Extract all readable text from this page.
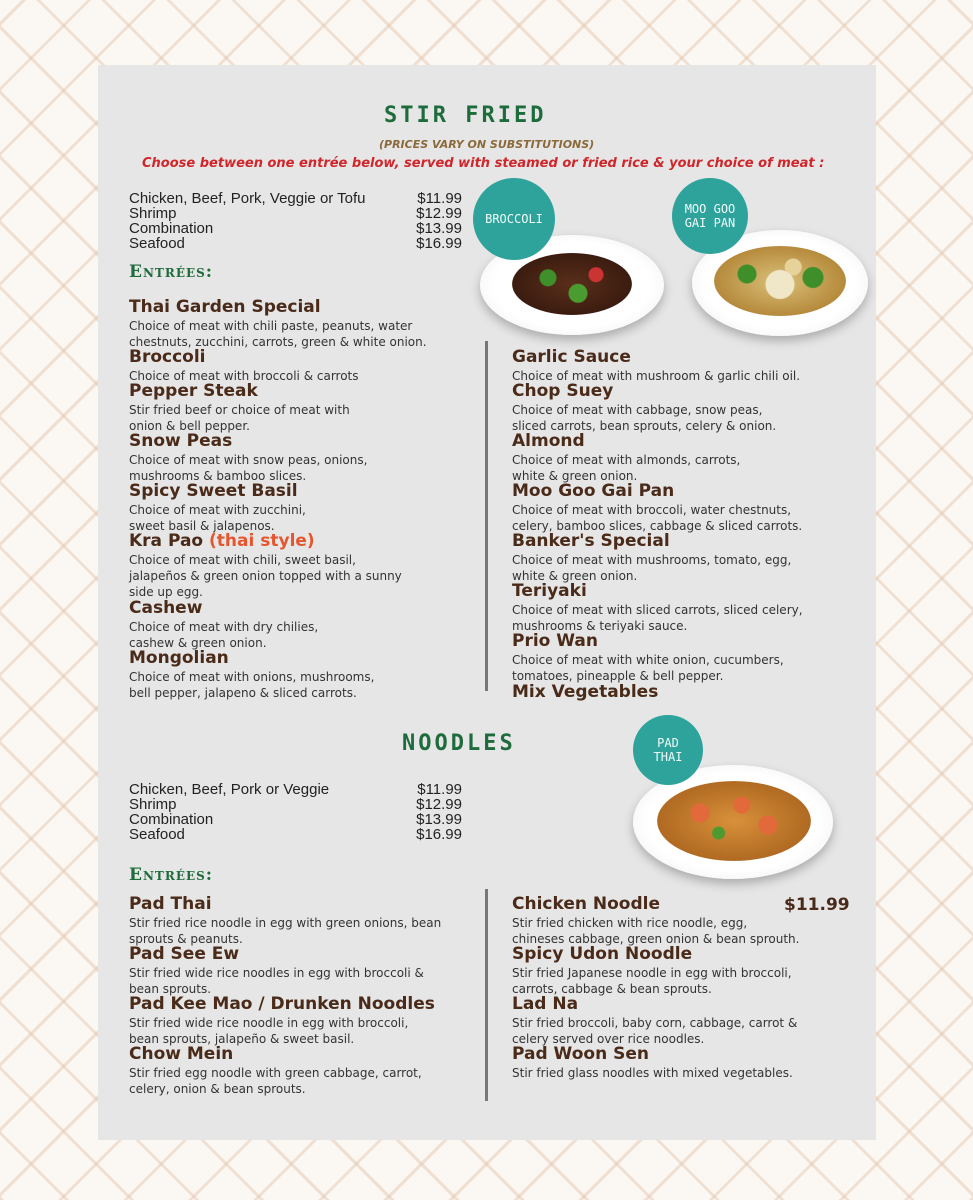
STIR FRIED
(PRICES VARY ON SUBSTITUTIONS)
Choose between one entrée below, served with steamed or fried rice & your choice of meat :
Chicken, Beef, Pork, Veggie or Tofu	$11.99
Shrimp	$12.99
Combination	$13.99
Seafood	$16.99
Entrées:
BROCCOLI
MOO GOO
GAI PAN
Thai Garden Special
Choice of meat with chili paste, peanuts, water
chestnuts, zucchini, carrots, green & white onion.
Broccoli
Choice of meat with broccoli & carrots
Pepper Steak
Stir fried beef or choice of meat with
onion & bell pepper.
Snow Peas
Choice of meat with snow peas, onions,
mushrooms & bamboo slices.
Spicy Sweet Basil
Choice of meat with zucchini,
sweet basil & jalapenos.
Kra Pao (thai style)
Choice of meat with chili, sweet basil,
jalapeños & green onion topped with a sunny
side up egg.
Cashew
Choice of meat with dry chilies,
cashew & green onion.
Mongolian
Choice of meat with onions, mushrooms,
bell pepper, jalapeno & sliced carrots.
Garlic Sauce
Choice of meat with mushroom & garlic chili oil.
Chop Suey
Choice of meat with cabbage, snow peas,
sliced carrots, bean sprouts, celery & onion.
Almond
Choice of meat with almonds, carrots,
white & green onion.
Moo Goo Gai Pan
Choice of meat with broccoli, water chestnuts,
celery, bamboo slices, cabbage & sliced carrots.
Banker's Special
Choice of meat with mushrooms, tomato, egg,
white & green onion.
Teriyaki
Choice of meat with sliced carrots, sliced celery,
mushrooms & teriyaki sauce.
Prio Wan
Choice of meat with white onion, cucumbers,
tomatoes, pineapple & bell pepper.
Mix Vegetables
NOODLES
Chicken, Beef, Pork or Veggie	$11.99
Shrimp	$12.99
Combination	$13.99
Seafood	$16.99
Entrées:
PAD
THAI
Pad Thai
Stir fried rice noodle in egg with green onions, bean
sprouts & peanuts.
Pad See Ew
Stir fried wide rice noodles in egg with broccoli &
bean sprouts.
Pad Kee Mao / Drunken Noodles
Stir fried wide rice noodle in egg with broccoli,
bean sprouts, jalapeño & sweet basil.
Chow Mein
Stir fried egg noodle with green cabbage, carrot,
celery, onion & bean sprouts.
Chicken Noodle	$11.99
Stir fried chicken with rice noodle, egg,
chineses cabbage, green onion & bean sprouth.
Spicy Udon Noodle
Stir fried Japanese noodle in egg with broccoli,
carrots, cabbage & bean sprouts.
Lad Na
Stir fried broccoli, baby corn, cabbage, carrot &
celery served over rice noodles.
Pad Woon Sen
Stir fried glass noodles with mixed vegetables.
